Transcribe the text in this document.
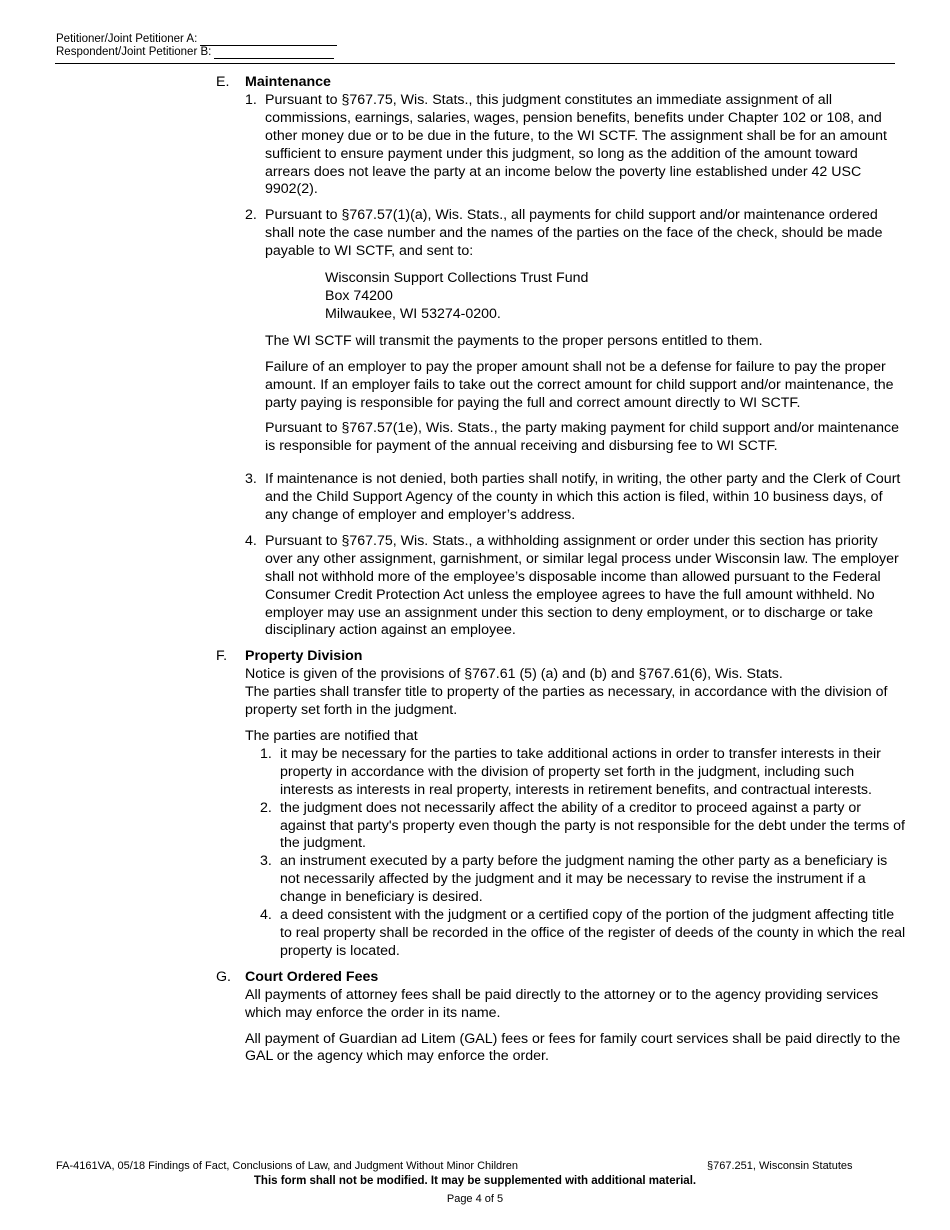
Petitioner/Joint Petitioner A:
Respondent/Joint Petitioner B:
E. Maintenance
1. Pursuant to §767.75, Wis. Stats., this judgment constitutes an immediate assignment of all commissions, earnings, salaries, wages, pension benefits, benefits under Chapter 102 or 108, and other money due or to be due in the future, to the WI SCTF. The assignment shall be for an amount sufficient to ensure payment under this judgment, so long as the addition of the amount toward arrears does not leave the party at an income below the poverty line established under 42 USC 9902(2).

2. Pursuant to §767.57(1)(a), Wis. Stats., all payments for child support and/or maintenance ordered shall note the case number and the names of the parties on the face of the check, should be made payable to WI SCTF, and sent to:

Wisconsin Support Collections Trust Fund
Box 74200
Milwaukee, WI 53274-0200.

The WI SCTF will transmit the payments to the proper persons entitled to them.

Failure of an employer to pay the proper amount shall not be a defense for failure to pay the proper amount. If an employer fails to take out the correct amount for child support and/or maintenance, the party paying is responsible for paying the full and correct amount directly to WI SCTF.

Pursuant to §767.57(1e), Wis. Stats., the party making payment for child support and/or maintenance is responsible for payment of the annual receiving and disbursing fee to WI SCTF.

3. If maintenance is not denied, both parties shall notify, in writing, the other party and the Clerk of Court and the Child Support Agency of the county in which this action is filed, within 10 business days, of any change of employer and employer’s address.

4. Pursuant to §767.75, Wis. Stats., a withholding assignment or order under this section has priority over any other assignment, garnishment, or similar legal process under Wisconsin law. The employer shall not withhold more of the employee’s disposable income than allowed pursuant to the Federal Consumer Credit Protection Act unless the employee agrees to have the full amount withheld. No employer may use an assignment under this section to deny employment, or to discharge or take disciplinary action against an employee.

F. Property Division

Notice is given of the provisions of §767.61 (5) (a) and (b) and §767.61(6), Wis. Stats.

The parties shall transfer title to property of the parties as necessary, in accordance with the division of property set forth in the judgment.

The parties are notified that

1. it may be necessary for the parties to take additional actions in order to transfer interests in their property in accordance with the division of property set forth in the judgment, including such interests as interests in real property, interests in retirement benefits, and contractual interests.

2. the judgment does not necessarily affect the ability of a creditor to proceed against a party or against that party's property even though the party is not responsible for the debt under the terms of the judgment.

3. an instrument executed by a party before the judgment naming the other party as a beneficiary is not necessarily affected by the judgment and it may be necessary to revise the instrument if a change in beneficiary is desired.

4. a deed consistent with the judgment or a certified copy of the portion of the judgment affecting title to real property shall be recorded in the office of the register of deeds of the county in which the real property is located.

G. Court Ordered Fees

All payments of attorney fees shall be paid directly to the attorney or to the agency providing services which may enforce the order in its name.

All payment of Guardian ad Litem (GAL) fees or fees for family court services shall be paid directly to the GAL or the agency which may enforce the order.

FA-4161VA, 05/18 Findings of Fact, Conclusions of Law, and Judgment Without Minor Children	§767.251, Wisconsin Statutes
This form shall not be modified. It may be supplemented with additional material.
Page 4 of 5
